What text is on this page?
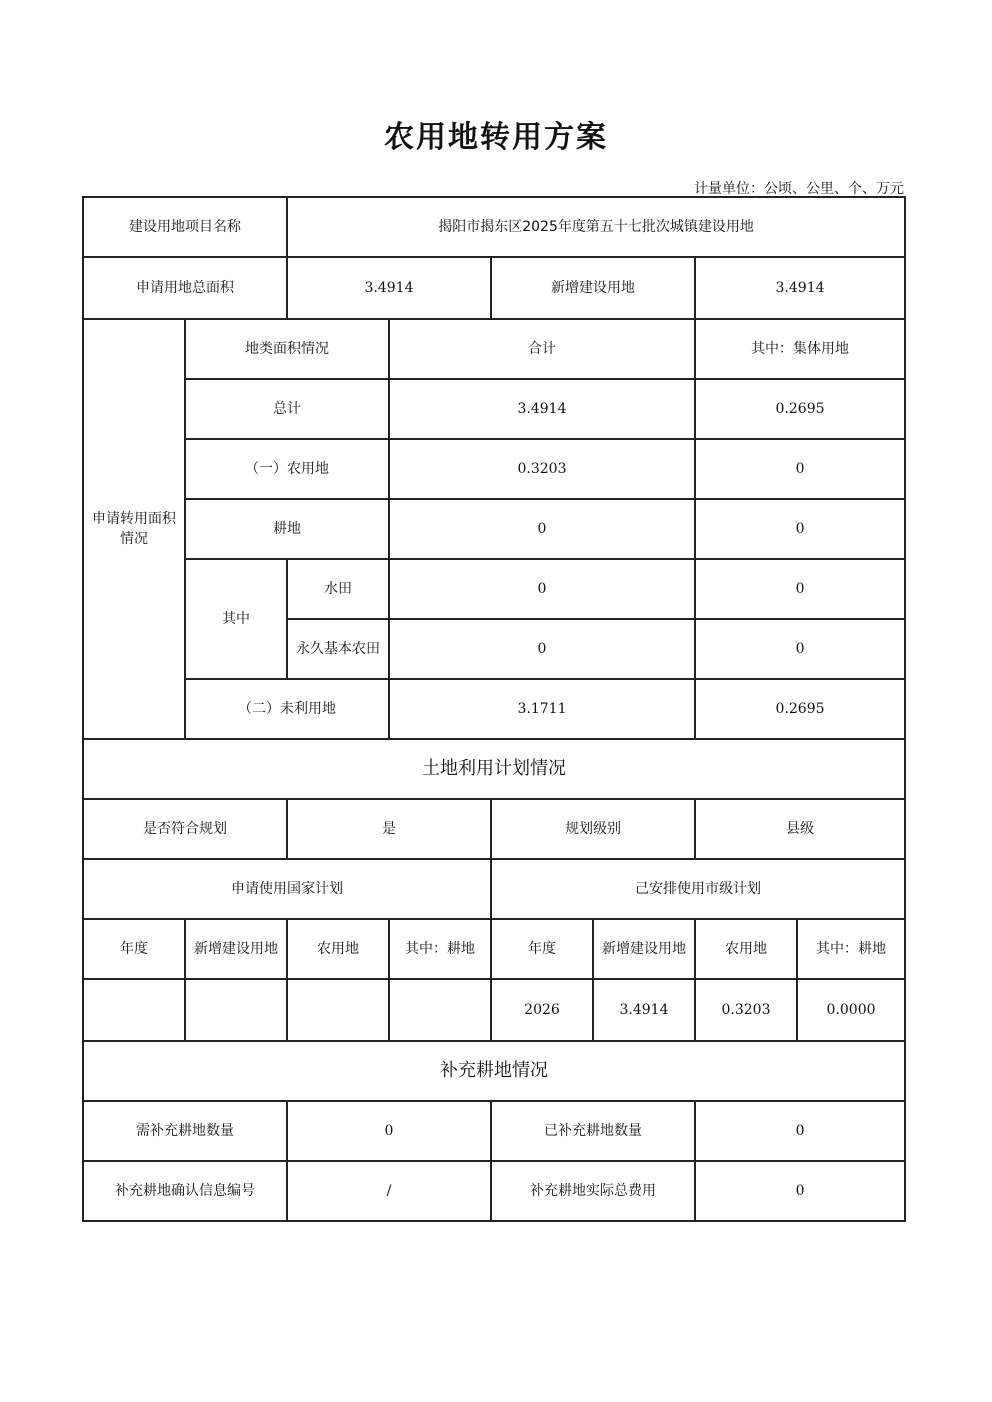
农用地转用方案
计量单位：公顷、公里、个、万元
建设用地项目名称		揭阳市揭东区2025年度第五十七批次城镇建设用地					
申请用地总面积		3.4914		新增建设用地		3.4914	
申请转用面积情况	地类面积情况		合计			其中：集体用地	
	总计		3.4914			0.2695	
	（一）农用地		0.3203			0	
	耕地		0			0	
	其中	水田	0			0	
		永久基本农田	0			0	
	（二）未利用地		3.1711			0.2695	
土地利用计划情况							
是否符合规划		是		规划级别		县级	
申请使用国家计划				己安排使用市级计划			
年度	新增建设用地	农用地	其中：耕地	年度	新增建设用地	农用地	其中：耕地
				2026	3.4914	0.3203	0.0000
补充耕地情况							
需补充耕地数量		0		已补充耕地数量		0	
补充耕地确认信息编号		/		补充耕地实际总费用		0	
